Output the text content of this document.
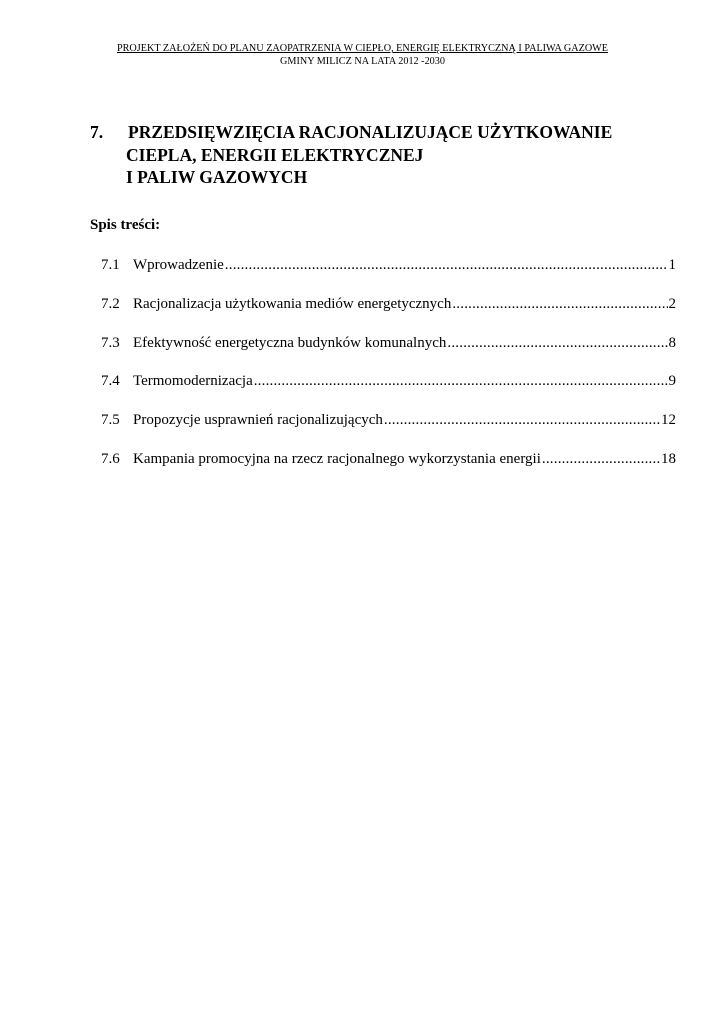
PROJEKT ZAŁOŻEŃ DO PLANU ZAOPATRZENIA W CIEPŁO, ENERGIĘ ELEKTRYCZNĄ I PALIWA GAZOWE
GMINY MILICZ NA LATA 2012 -2030
7. PRZEDSIĘWZIĘCIA RACJONALIZUJĄCE UŻYTKOWANIE
CIEPLA, ENERGII ELEKTRYCZNEJ
I PALIW GAZOWYCH
Spis treści:
7.1 Wprowadzenie .....	1
7.2 Racjonalizacja użytkowania mediów energetycznych .....	2
7.3 Efektywność energetyczna budynków komunalnych .....	8
7.4 Termomodernizacja .....	9
7.5 Propozycje usprawnień racjonalizujących .....	12
7.6 Kampania promocyjna na rzecz racjonalnego wykorzystania energii .....	18
